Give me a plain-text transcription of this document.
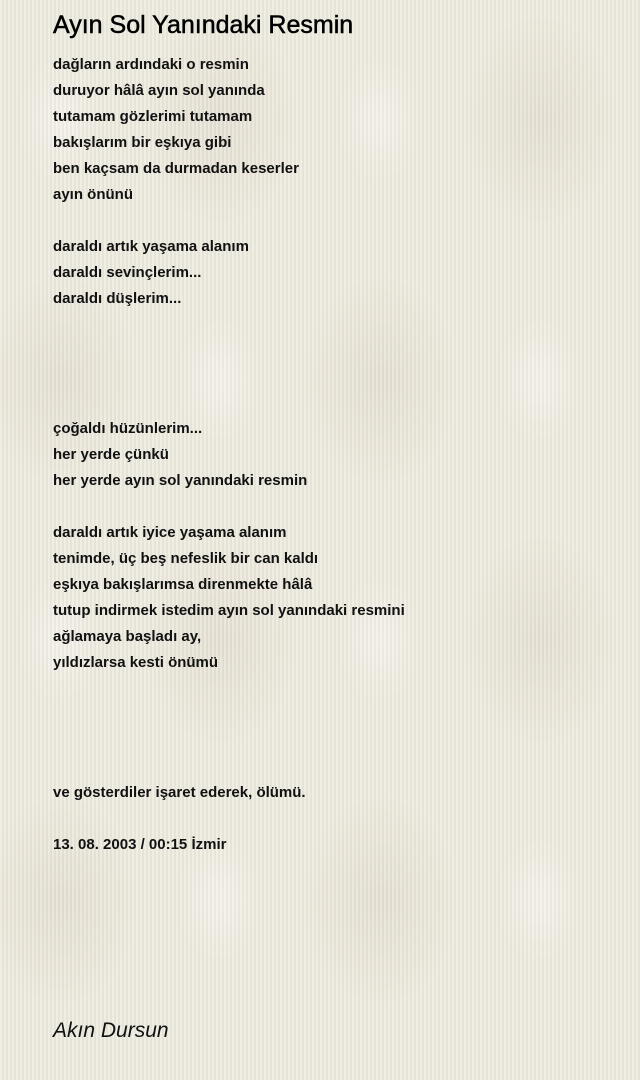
Ayın Sol Yanındaki Resmin
dağların ardındaki o resmin
duruyor hâlâ ayın sol yanında
tutamam gözlerimi tutamam
bakışlarım bir eşkıya gibi
ben kaçsam da durmadan keserler
ayın önünü
daraldı artık yaşama alanım
daraldı sevinçlerim...
daraldı düşlerim...
çoğaldı hüzünlerim...
her yerde çünkü
her yerde ayın sol yanındaki resmin
daraldı artık iyice yaşama alanım
tenimde, üç beş nefeslik bir can kaldı
eşkıya bakışlarımsa direnmekte hâlâ
tutup indirmek istedim ayın sol yanındaki resmini
ağlamaya başladı ay,
yıldızlarsa kesti önümü
ve gösterdiler işaret ederek, ölümü.
13. 08. 2003 / 00:15 İzmir
Akın Dursun
